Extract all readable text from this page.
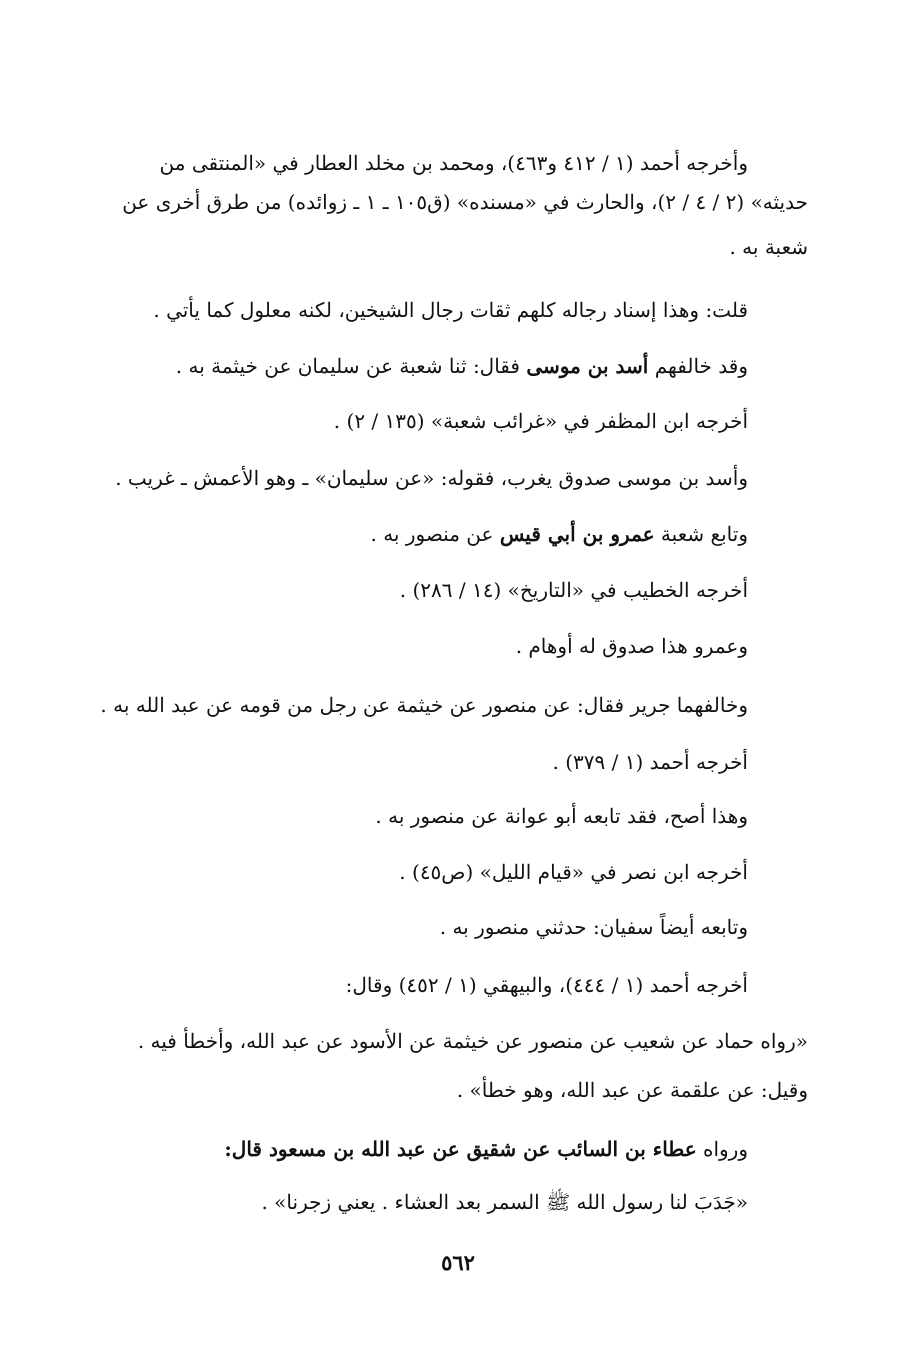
وأخرجه أحمد (١ / ٤١٢ و٤٦٣)، ومحمد بن مخلد العطار في «المنتقى من
حديثه» (٢ / ٤ / ٢)، والحارث في «مسنده» (ق١٠٥ ـ ١ ـ زوائده) من طرق أخرى عن
شعبة به .
قلت: وهذا إسناد رجاله كلهم ثقات رجال الشيخين، لكنه معلول كما يأتي .
وقد خالفهم أسد بن موسى فقال: ثنا شعبة عن سليمان عن خيثمة به .
أخرجه ابن المظفر في «غرائب شعبة» (١٣٥ / ٢) .
وأسد بن موسى صدوق يغرب، فقوله: «عن سليمان» ـ وهو الأعمش ـ غريب .
وتابع شعبة عمرو بن أبي قيس عن منصور به .
أخرجه الخطيب في «التاريخ» (١٤ / ٢٨٦) .
وعمرو هذا صدوق له أوهام .
وخالفهما جرير فقال: عن منصور عن خيثمة عن رجل من قومه عن عبد الله به .
أخرجه أحمد (١ / ٣٧٩) .
وهذا أصح، فقد تابعه أبو عوانة عن منصور به .
أخرجه ابن نصر في «قيام الليل» (ص٤٥) .
وتابعه أيضاً سفيان: حدثني منصور به .
أخرجه أحمد (١ / ٤٤٤)، والبيهقي (١ / ٤٥٢) وقال:
«رواه حماد عن شعيب عن منصور عن خيثمة عن الأسود عن عبد الله، وأخطأ فيه .
وقيل: عن علقمة عن عبد الله، وهو خطأ» .
ورواه عطاء بن السائب عن شقيق عن عبد الله بن مسعود قال:
«جَدَبَ لنا رسول الله ﷺ السمر بعد العشاء . يعني زجرنا» .
٥٦٢
